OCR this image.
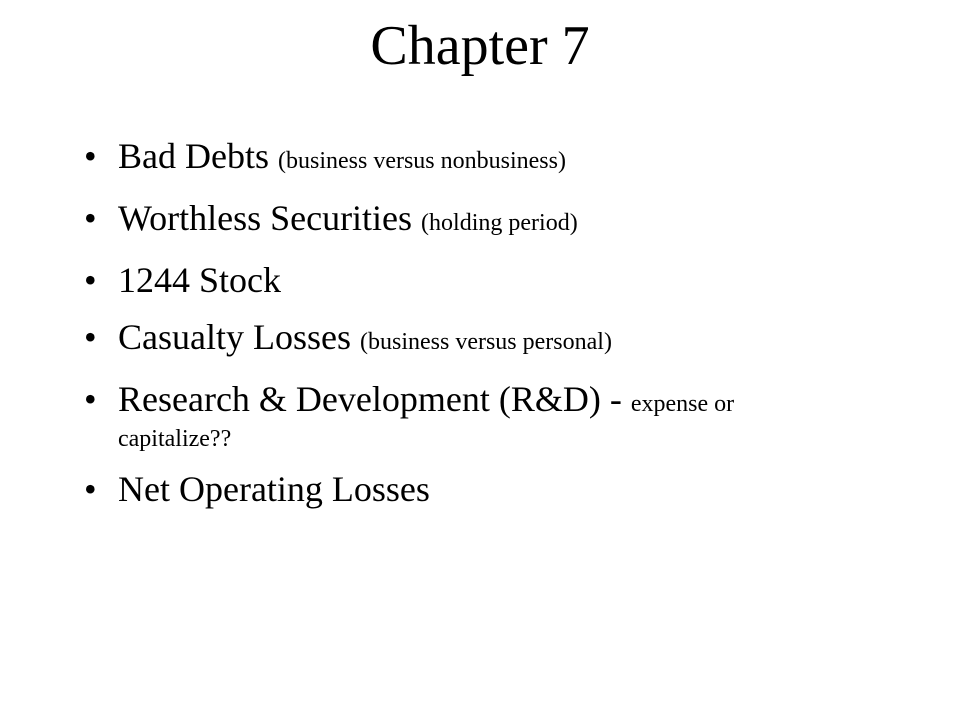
Chapter 7
• Bad Debts (business versus nonbusiness)
• Worthless Securities (holding period)
• 1244 Stock
• Casualty Losses (business versus personal)
• Research & Development (R&D) - expense or
capitalize??
• Net Operating Losses
